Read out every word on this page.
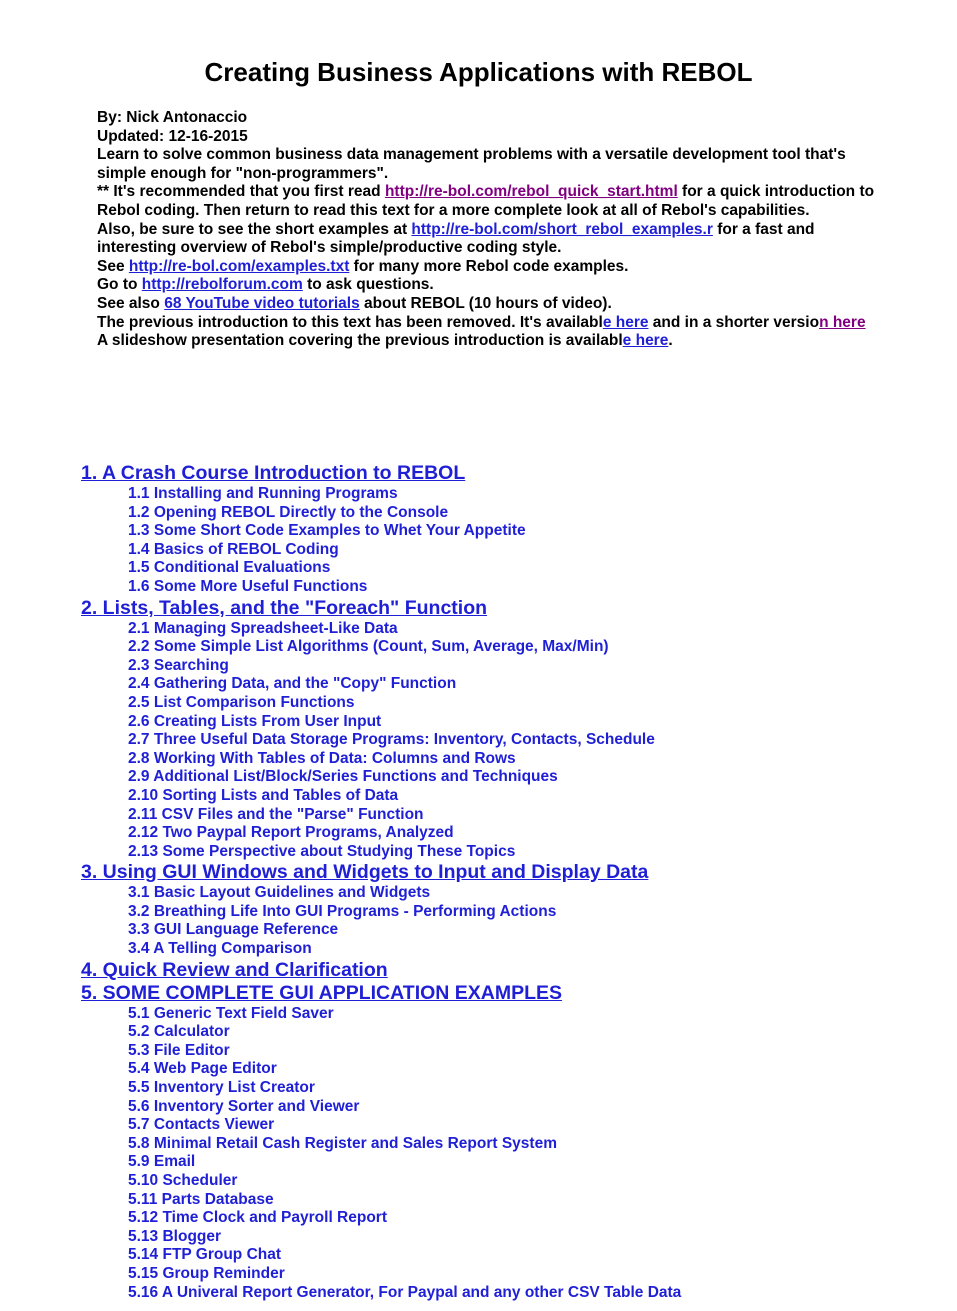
Creating Business Applications with REBOL

By: Nick Antonaccio

Updated: 12-16-2015

Learn to solve common business data management problems with a versatile development tool that's simple enough for "non-programmers".

** It's recommended that you first read http://re-bol.com/rebol_quick_start.html for a quick introduction to Rebol coding. Then return to read this text for a more complete look at all of Rebol's capabilities.

Also, be sure to see the short examples at http://re-bol.com/short_rebol_examples.r for a fast and interesting overview of Rebol's simple/productive coding style.

See http://re-bol.com/examples.txt for many more Rebol code examples.

Go to http://rebolforum.com to ask questions.

See also 68 YouTube video tutorials about REBOL (10 hours of video).

The previous introduction to this text has been removed. It's available here and in a shorter version here

A slideshow presentation covering the previous introduction is available here.

1. A Crash Course Introduction to REBOL
1.1 Installing and Running Programs
1.2 Opening REBOL Directly to the Console
1.3 Some Short Code Examples to Whet Your Appetite
1.4 Basics of REBOL Coding
1.5 Conditional Evaluations
1.6 Some More Useful Functions
2. Lists, Tables, and the "Foreach" Function
2.1 Managing Spreadsheet-Like Data
2.2 Some Simple List Algorithms (Count, Sum, Average, Max/Min)
2.3 Searching
2.4 Gathering Data, and the "Copy" Function
2.5 List Comparison Functions
2.6 Creating Lists From User Input
2.7 Three Useful Data Storage Programs: Inventory, Contacts, Schedule
2.8 Working With Tables of Data: Columns and Rows
2.9 Additional List/Block/Series Functions and Techniques
2.10 Sorting Lists and Tables of Data
2.11 CSV Files and the "Parse" Function
2.12 Two Paypal Report Programs, Analyzed
2.13 Some Perspective about Studying These Topics
3. Using GUI Windows and Widgets to Input and Display Data
3.1 Basic Layout Guidelines and Widgets
3.2 Breathing Life Into GUI Programs - Performing Actions
3.3 GUI Language Reference
3.4 A Telling Comparison
4. Quick Review and Clarification
5. SOME COMPLETE GUI APPLICATION EXAMPLES
5.1 Generic Text Field Saver
5.2 Calculator
5.3 File Editor
5.4 Web Page Editor
5.5 Inventory List Creator
5.6 Inventory Sorter and Viewer
5.7 Contacts Viewer
5.8 Minimal Retail Cash Register and Sales Report System
5.9 Email
5.10 Scheduler
5.11 Parts Database
5.12 Time Clock and Payroll Report
5.13 Blogger
5.14 FTP Group Chat
5.15 Group Reminder
5.16 A Univeral Report Generator, For Paypal and any other CSV Table Data
